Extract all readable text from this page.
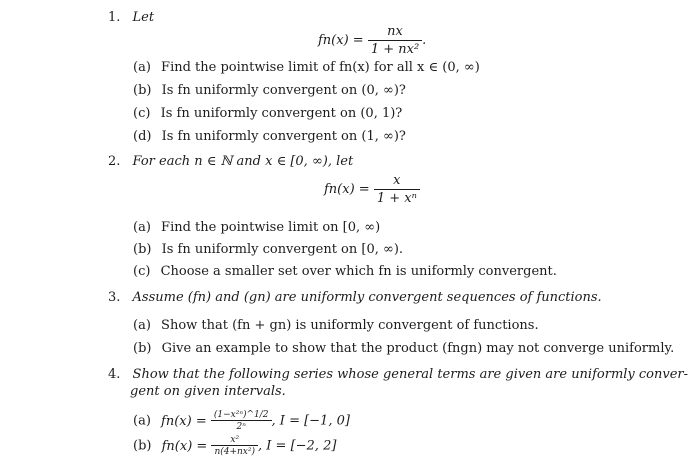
1. Let
$fn(x) = \frac{nx}{\text{1 + nx²}}$ .
(a) Find the pointwise limit of fn(x) for all x ∈ (0, ∞)
(b) Is fn uniformly convergent on (0, ∞)?
(c) Is fn uniformly convergent on (0, 1)?
(d) Is fn uniformly convergent on (1, ∞)?
2. For each n ∈ ℕ and x ∈ [0, ∞), let
$fn(x) = \frac{x}{\text{1 + xⁿ}}$
(a) Find the pointwise limit on [0, ∞)
(b) Is fn uniformly convergent on [0, ∞).
(c) Choose a smaller set over which fn is uniformly convergent.
3. Assume (fn) and (gn) are uniformly convergent sequences of functions.
(a) Show that (fn + gn) is uniformly convergent of functions.
(b) Give an example to show that the product (fngn) may not converge uniformly.
4. Show that the following series whose general terms are given are uniformly conver-
gent on given intervals.
(a) $fn(x) = \frac{\text{(1−x²ⁿ)\textasciicircum{}1/2}}{\text{2ⁿ}}$ , I = [−1, 0]
(b) $fn(x) = \frac{\text{x²}}{\text{n(4+nx²)}}$ , I = [−2, 2]
